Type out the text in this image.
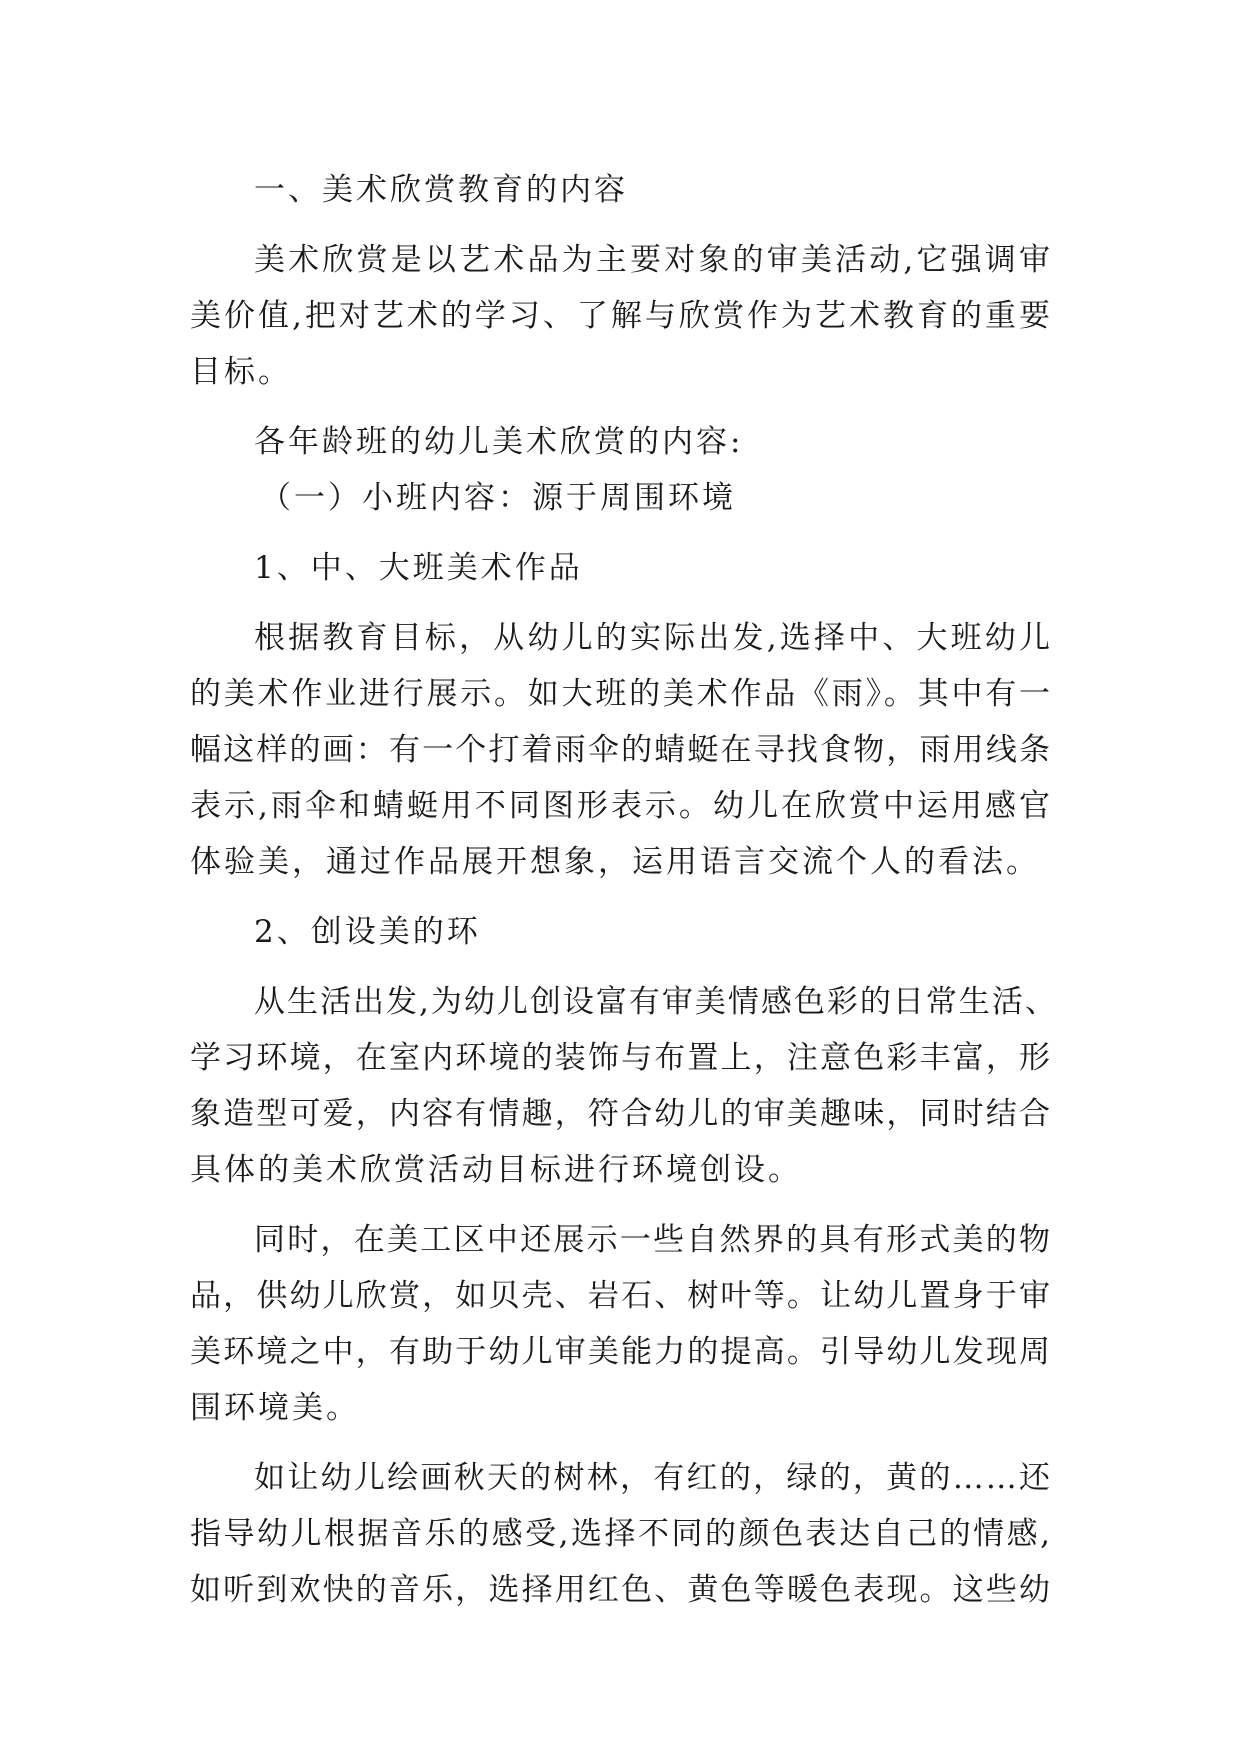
一、美术欣赏教育的内容
美术欣赏是以艺术品为主要对象的审美活动,它强调审
美价值,把对艺术的学习、了解与欣赏作为艺术教育的重要
目标。
各年龄班的幼儿美术欣赏的内容:
（一）小班内容：源于周围环境
1、中、大班美术作品
根据教育目标，从幼儿的实际出发,选择中、大班幼儿
的美术作业进行展示。如大班的美术作品《雨》。其中有一
幅这样的画：有一个打着雨伞的蜻蜓在寻找食物，雨用线条
表示,雨伞和蜻蜓用不同图形表示。幼儿在欣赏中运用感官
体验美，通过作品展开想象，运用语言交流个人的看法。
2、创设美的环
从生活出发,为幼儿创设富有审美情感色彩的日常生活、
学习环境，在室内环境的装饰与布置上，注意色彩丰富，形
象造型可爱，内容有情趣，符合幼儿的审美趣味，同时结合
具体的美术欣赏活动目标进行环境创设。
同时，在美工区中还展示一些自然界的具有形式美的物
品，供幼儿欣赏，如贝壳、岩石、树叶等。让幼儿置身于审
美环境之中，有助于幼儿审美能力的提高。引导幼儿发现周
围环境美。
如让幼儿绘画秋天的树林，有红的，绿的，黄的……还
指导幼儿根据音乐的感受,选择不同的颜色表达自己的情感,
如听到欢快的音乐，选择用红色、黄色等暖色表现。这些幼
